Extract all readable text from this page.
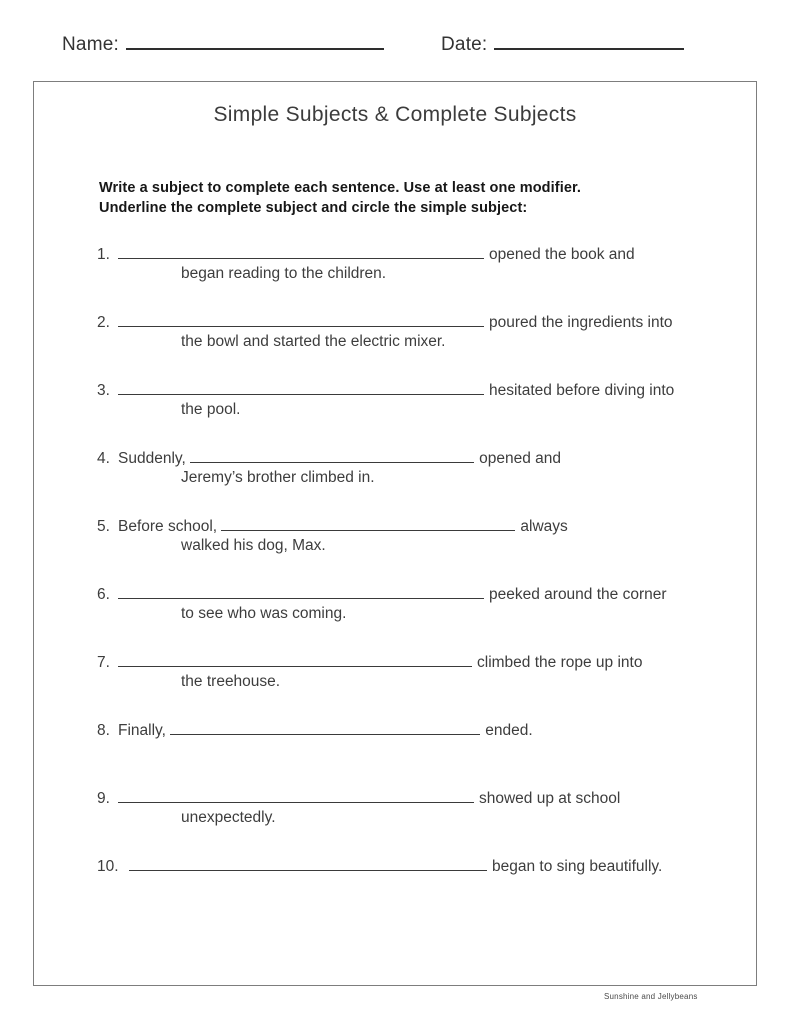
Name:	Date:
Simple Subjects & Complete Subjects
Write a subject to complete each sentence. Use at least one modifier.
Underline the complete subject and circle the simple subject:
1.	opened the book and
began reading to the children.
2.	poured the ingredients into
the bowl and started the electric mixer.
3.	hesitated before diving into
the pool.
4. Suddenly,	opened and
Jeremy’s brother climbed in.
5. Before school,	always
walked his dog, Max.
6.	peeked around the corner
to see who was coming.
7.	climbed the rope up into
the treehouse.
8. Finally,	ended.
9.	showed up at school
unexpectedly.
10.	began to sing beautifully.
Sunshine and Jellybeans
